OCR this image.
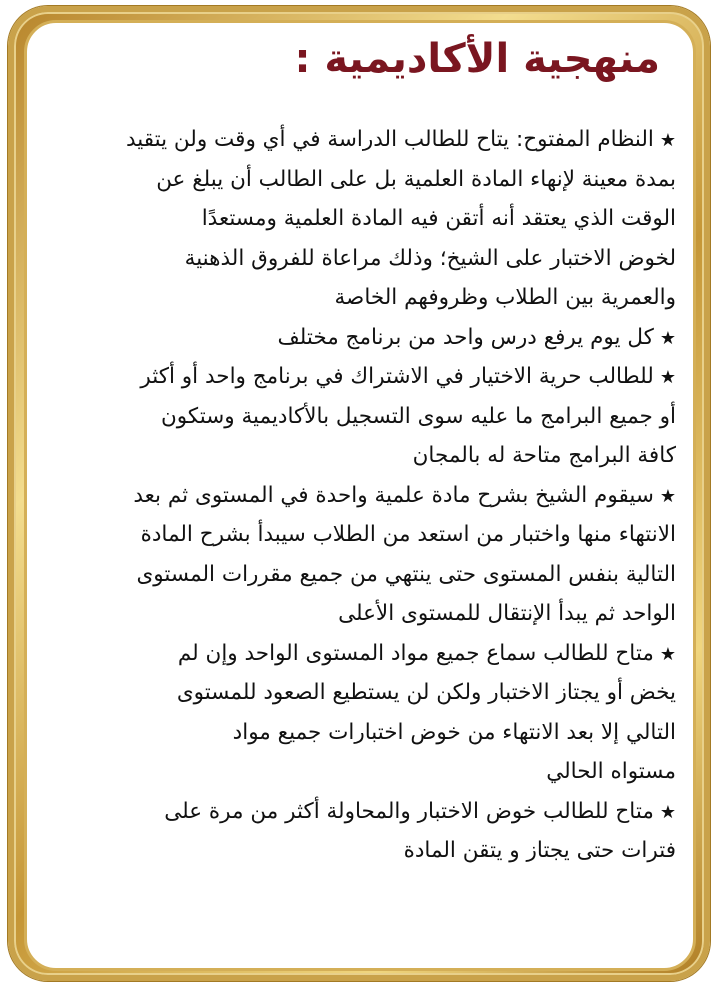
منهجية الأكاديمية :
★النظام المفتوح: يتاح للطالب الدراسة في أي وقت ولن يتقيد
بمدة معينة لإنهاء المادة العلمية بل على الطالب أن يبلغ عن
الوقت الذي يعتقد أنه أتقن فيه المادة العلمية ومستعدًا
لخوض الاختبار على الشيخ؛ وذلك مراعاة للفروق الذهنية
والعمرية بين الطلاب وظروفهم الخاصة
★كل يوم يرفع درس واحد من برنامج مختلف
★للطالب حرية الاختيار في الاشتراك في برنامج واحد أو أكثر
أو جميع البرامج ما عليه سوى التسجيل بالأكاديمية وستكون
كافة البرامج متاحة له بالمجان
★سيقوم الشيخ بشرح مادة علمية واحدة في المستوى ثم بعد
الانتهاء منها واختبار من استعد من الطلاب سيبدأ بشرح المادة
التالية بنفس المستوى حتى ينتهي من جميع مقررات المستوى
الواحد ثم يبدأ الإنتقال للمستوى الأعلى
★متاح للطالب سماع جميع مواد المستوى الواحد وإن لم
يخض أو يجتاز الاختبار ولكن لن يستطيع الصعود للمستوى
التالي إلا بعد الانتهاء من خوض اختبارات جميع مواد
مستواه الحالي
★متاح للطالب خوض الاختبار والمحاولة أكثر من مرة على
فترات حتى يجتاز و يتقن المادة
